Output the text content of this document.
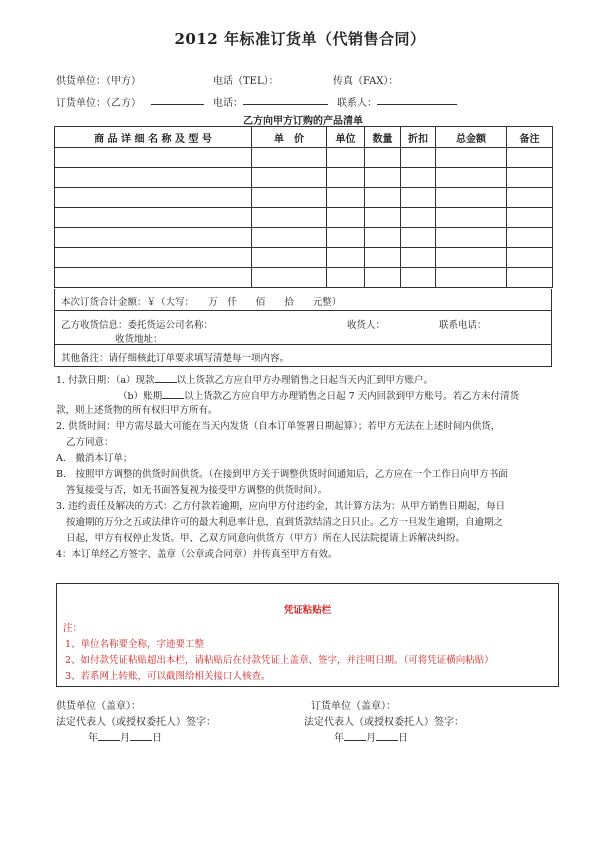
2012 年标准订货单（代销售合同）
供货单位：（甲方）	电话（TEL）：	传真（FAX）：
订货单位：（乙方）	电话：	联系人：
乙方向甲方订购的产品清单
商 品 详 细 名 称 及 型 号	单　价	单位	数量	折扣	总金额	备注

本次订货合计金额：￥（大写：　　万　仟　　佰　　拾　　元整）
乙方收货信息：委托货运公司名称：	收货人：	联系电话：
收货地址：
其他备注：请仔细核此订单要求填写清楚每一项内容。
1. 付款日期：（a）现款 以上货款乙方应自甲方办理销售之日起当天内汇到甲方账户。
（b）账期 以上货款乙方应自甲方办理销售之日起 7 天内回款到甲方账号。若乙方未付清货
款，则上述货物的所有权归甲方所有。
2. 供货时间：甲方需尽最大可能在当天内发货（自本订单签署日期起算）；若甲方无法在上述时间内供货，
乙方同意：
A.　撤消本订单；
B.　按照甲方调整的供货时间供货。（在接到甲方关于调整供货时间通知后，乙方应在一个工作日向甲方书面
答复接受与否，如无书面答复视为接受甲方调整的供货时间）。
3. 违约责任及解决的方式：乙方付款若逾期，应向甲方付违约金，其计算方法为：从甲方销售日期起，每日
按逾期的万分之五或法律许可的最大利息率计息，直到货款结清之日只止。乙方一旦发生逾期，自逾期之
日起，甲方有权停止发货。甲、乙双方同意向供货方（甲方）所在人民法院提请上诉解决纠纷。
4：本订单经乙方签字、盖章（公章或合同章）并传真至甲方有效。
凭证粘贴栏
注：
1、单位名称要全称，字迹要工整
2、如付款凭证粘贴超出本栏，请粘贴后在付款凭证上盖章、签字，并注明日期。（可将凭证横向粘贴）
3、若系网上转账，可以截图给相关接口人核查。
供货单位（盖章）：	订货单位（盖章）：
法定代表人（或授权委托人）签字：	法定代表人（或授权委托人）签字：
年 月 日	年 月 日
